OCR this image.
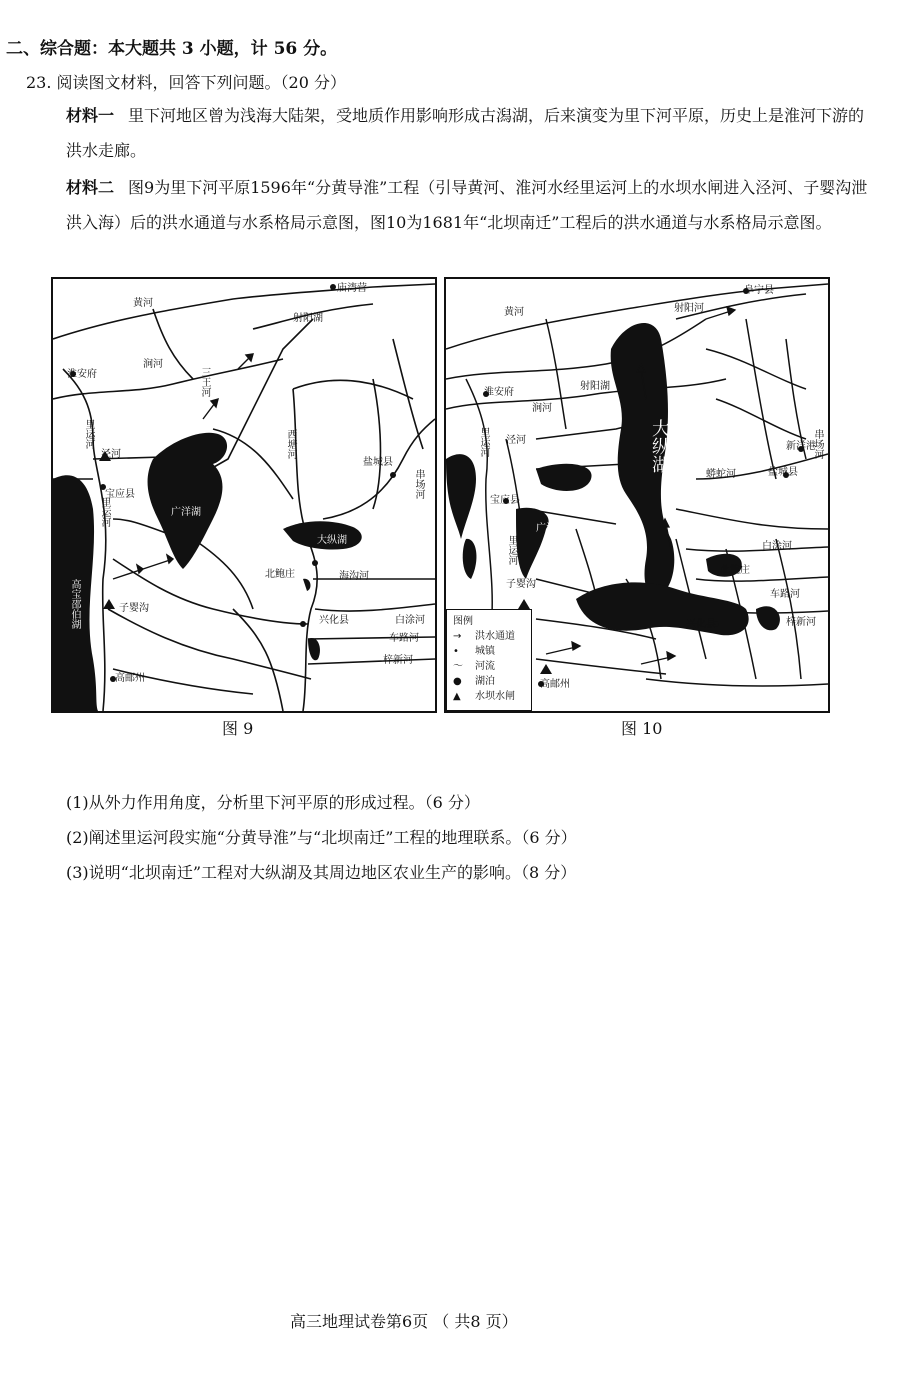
二、综合题：本大题共 3 小题，计 56 分。
23. 阅读图文材料，回答下列问题。（20 分）
材料一 里下河地区曾为浅海大陆架，受地质作用影响形成古潟湖，后来演变为里下河平原，历史上是淮河下游的洪水走廊。
材料二 图9为里下河平原1596年“分黄导淮”工程（引导黄河、淮河水经里运河上的水坝水闸进入泾河、子婴沟泄洪入海）后的洪水通道与水系格局示意图，图10为1681年“北坝南迁”工程后的洪水通道与水系格局示意图。
庙湾营
黄河
射阳湖
淮安府
涧河
三王河
里运河
泾河	西塘河
盐城县
宝应县
广洋湖
里运河
串场河
大纵湖
北鲍庄	海沟河
高宝邵伯湖	子婴沟
兴化县	白涂河
车路河
梓新河
高邮州
阜宁县
黄河	射阳河
淮安府
射阳湖
涧河
大纵湖
里运河 泾河
宝应县
新洋港
盐城县
串场河
蟒蛇河
广洋湖
里运河	白涂河
子婴沟
北鲍庄
车路河
兴化县	梓新河
高邮州
图例
→ 洪水通道
• 城镇
～ 河流
● 湖泊
▲ 水坝水闸
图 9	图 10
(1)从外力作用角度，分析里下河平原的形成过程。（6 分）
(2)阐述里运河段实施“分黄导淮”与“北坝南迁”工程的地理联系。（6 分）
(3)说明“北坝南迁”工程对大纵湖及其周边地区农业生产的影响。（8 分）
高三地理试卷第6页 （ 共8 页）
